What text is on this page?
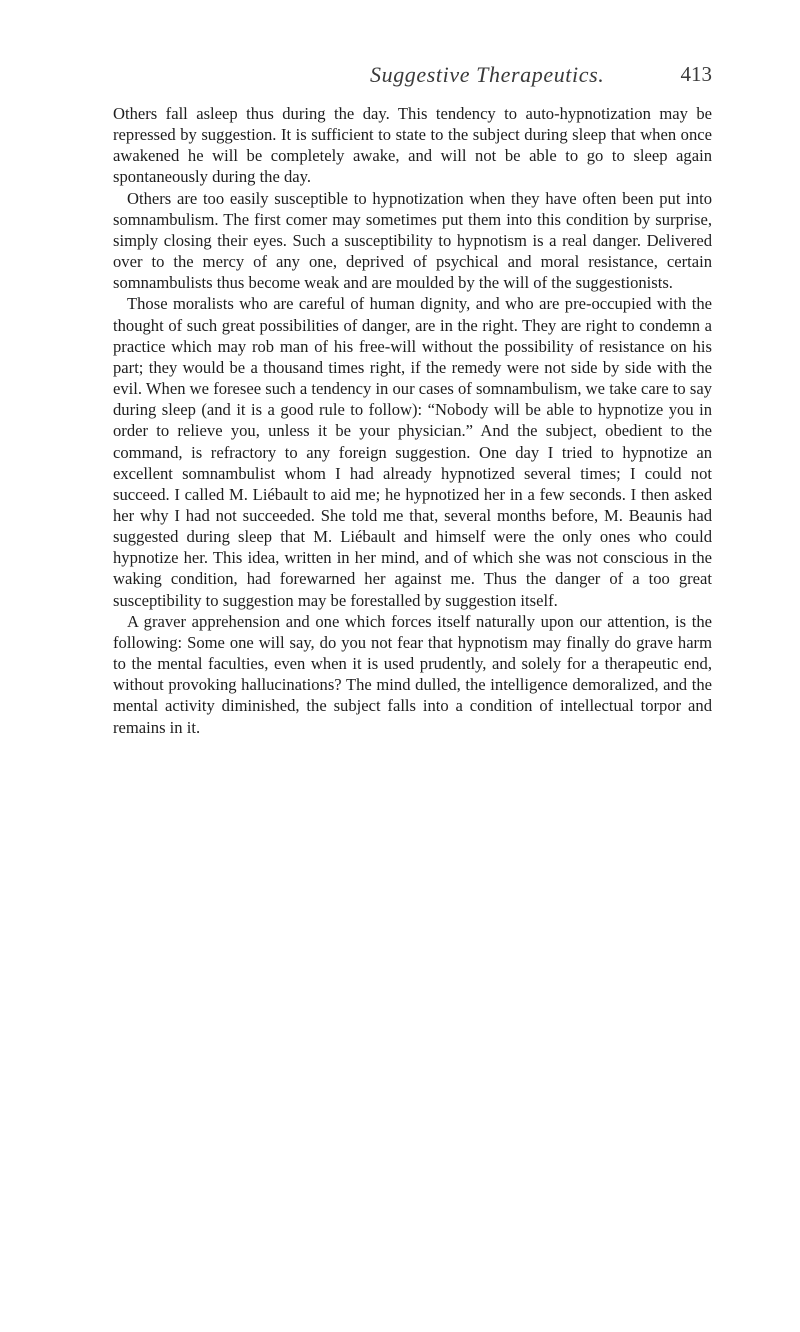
Suggestive Therapeutics.	413

Others fall asleep thus during the day. This tendency to auto-hypnotization may be repressed by suggestion. It is sufficient to state to the subject during sleep that when once awakened he will be completely awake, and will not be able to go to sleep again spontaneously during the day.

Others are too easily susceptible to hypnotization when they have often been put into somnambulism. The first comer may sometimes put them into this condition by surprise, simply closing their eyes. Such a susceptibility to hypnotism is a real danger. Delivered over to the mercy of any one, deprived of psychical and moral resistance, certain somnambulists thus become weak and are moulded by the will of the suggestionists.

Those moralists who are careful of human dignity, and who are pre-occupied with the thought of such great possibilities of danger, are in the right. They are right to condemn a practice which may rob man of his free-will without the possibility of resistance on his part; they would be a thousand times right, if the remedy were not side by side with the evil. When we foresee such a tendency in our cases of somnambulism, we take care to say during sleep (and it is a good rule to follow): “Nobody will be able to hypnotize you in order to relieve you, unless it be your physician.” And the subject, obedient to the command, is refractory to any foreign suggestion. One day I tried to hypnotize an excellent somnambulist whom I had already hypnotized several times; I could not succeed. I called M. Liébault to aid me; he hypnotized her in a few seconds. I then asked her why I had not succeeded. She told me that, several months before, M. Beaunis had suggested during sleep that M. Liébault and himself were the only ones who could hypnotize her. This idea, written in her mind, and of which she was not conscious in the waking condition, had forewarned her against me. Thus the danger of a too great susceptibility to suggestion may be forestalled by suggestion itself.

A graver apprehension and one which forces itself naturally upon our attention, is the following: Some one will say, do you not fear that hypnotism may finally do grave harm to the mental faculties, even when it is used prudently, and solely for a therapeutic end, without provoking hallucinations? The mind dulled, the intelligence demoralized, and the mental activity diminished, the subject falls into a condition of intellectual torpor and remains in it.
